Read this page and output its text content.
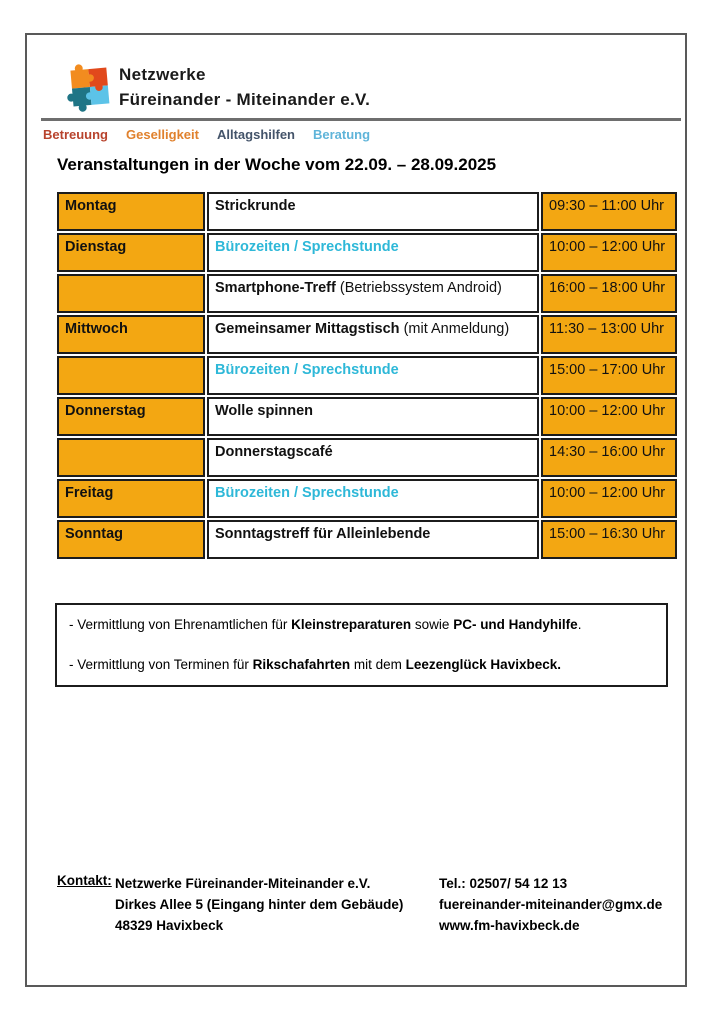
Netzwerke
Füreinander - Miteinander e.V.
Betreuung Geselligkeit Alltagshilfen Beratung
Veranstaltungen in der Woche vom 22.09. – 28.09.2025
Montag	Strickrunde	09:30 – 11:00 Uhr
Dienstag	Bürozeiten / Sprechstunde	10:00 – 12:00 Uhr
	Smartphone-Treff (Betriebssystem Android)	16:00 – 18:00 Uhr
Mittwoch	Gemeinsamer Mittagstisch (mit Anmeldung)	11:30 – 13:00 Uhr
	Bürozeiten / Sprechstunde	15:00 – 17:00 Uhr
Donnerstag	Wolle spinnen	10:00 – 12:00 Uhr
	Donnerstagscafé	14:30 – 16:00 Uhr
Freitag	Bürozeiten / Sprechstunde	10:00 – 12:00 Uhr
Sonntag	Sonntagstreff für Alleinlebende	15:00 – 16:30 Uhr

- Vermittlung von Ehrenamtlichen für Kleinstreparaturen sowie PC- und Handyhilfe.

- Vermittlung von Terminen für Rikschafahrten mit dem Leezenglück Havixbeck.

Kontakt: Netzwerke Füreinander-Miteinander e.V.
Dirkes Allee 5 (Eingang hinter dem Gebäude)
48329 Havixbeck
Tel.: 02507/ 54 12 13
fuereinander-miteinander@gmx.de
www.fm-havixbeck.de
